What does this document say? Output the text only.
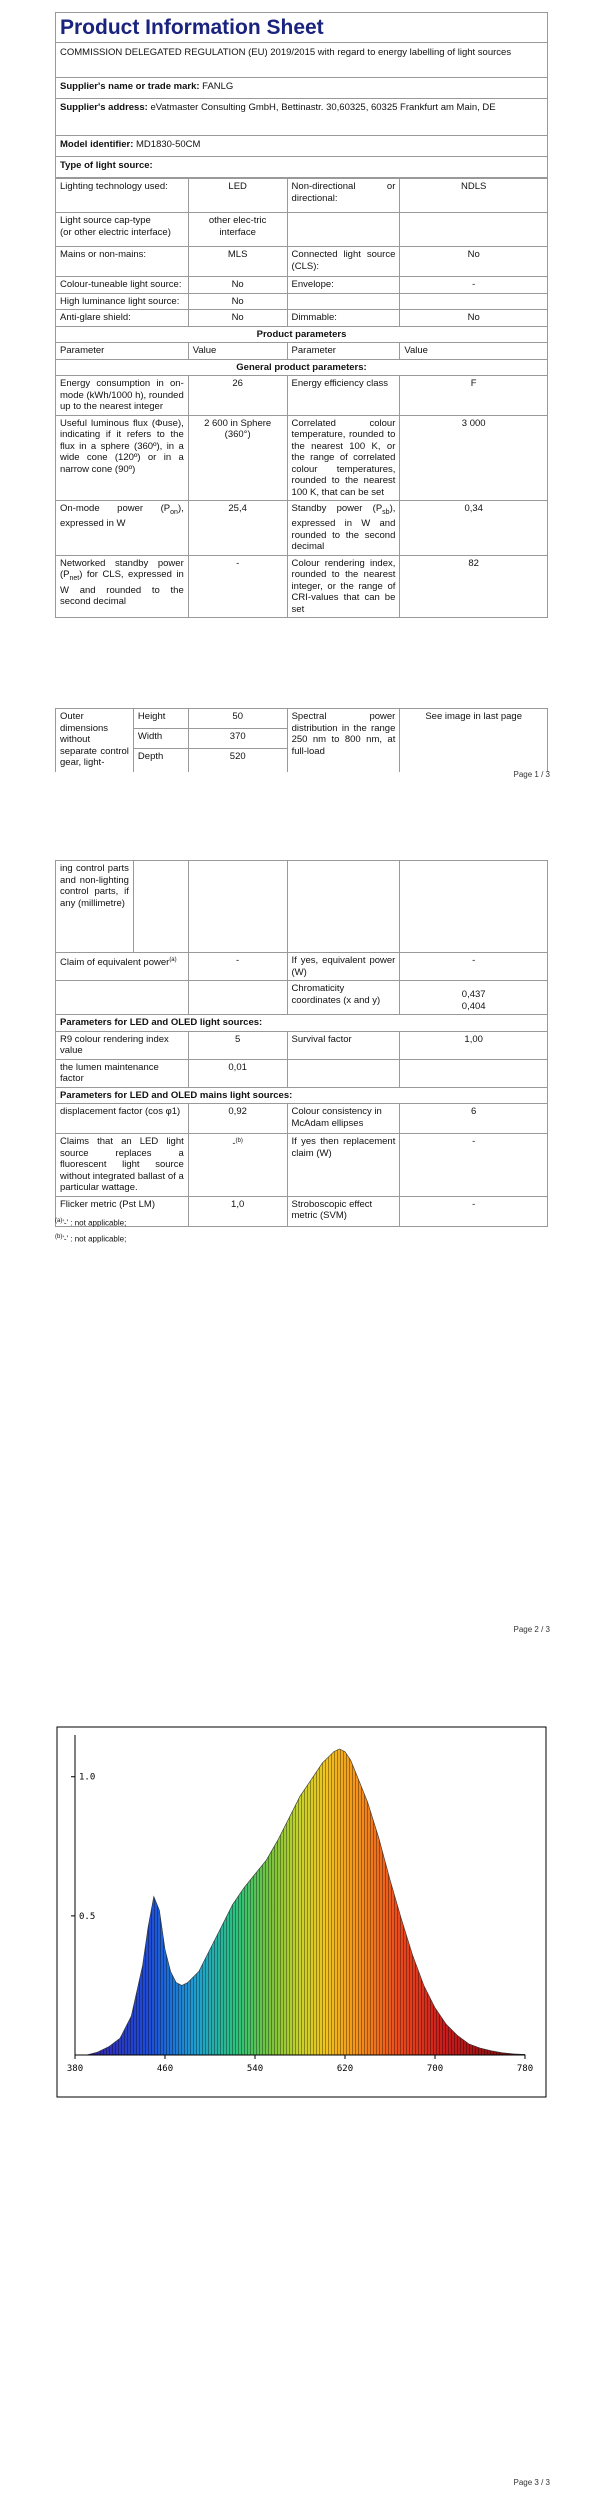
Product Information Sheet
COMMISSION DELEGATED REGULATION (EU) 2019/2015 with regard to energy labelling of light sources
Supplier's name or trade mark: FANLG
Supplier's address: eVatmaster Consulting GmbH, Bettinastr. 30,60325, 60325 Frankfurt am Main, DE
Model identifier: MD1830-50CM
Type of light source:
Lighting technology used:	LED	Non-directional or directional:	NDLS

Light source cap-type
(or other electric interface)	other elec-tric interface		
Mains or non-mains:	MLS	Connected light source (CLS):	No
Colour-tuneable light source:	No	Envelope:	-
High luminance light source:	No		
Anti-glare shield:	No	Dimmable:	No
Product parameters			
Parameter	Value	Parameter	Value
General product parameters:			
Energy consumption in on-mode (kWh/1000 h), rounded up to the nearest integer	26	Energy efficiency class	F
Useful luminous flux (Φuse), indicating if it refers to the flux in a sphere (360º), in a wide cone (120º) or in a narrow cone (90º)	2 600 in Sphere (360°)	Correlated colour temperature, rounded to the nearest 100 K, or the range of correlated colour temperatures, rounded to the nearest 100 K, that can be set	3 000
On-mode power $(P_{on})$, expressed in W	25,4	Standby power $(P_{sb})$, expressed in W and rounded to the second decimal	0,34
Networked standby power $(P_{net})$ for CLS, expressed in W and rounded to the second decimal	-	Colour rendering index, rounded to the nearest integer, or the range of CRI-values that can be set	82
Outer dimensions without separate control gear, light-	Height	50	Spectral power distribution in the range 250 nm to 800 nm, at full-load	See image in last page
	Width	370		
	Depth	520		
Page 1 / 3
ing control parts and non-lighting control parts, if any (millimetre)				
Claim of equivalent power$^{(a)}$		-	If yes, equivalent power (W)	-
			Chromaticity coordinates (x and y)	0,437
0,404

Parameters for LED and OLED light sources:				
R9 colour rendering index value		5	Survival factor	1,00
the lumen maintenance factor		0,01		
Parameters for LED and OLED mains light sources:				
displacement factor (cos φ1)		0,92	Colour consistency in McAdam ellipses	6
Claims that an LED light source replaces a fluorescent light source without integrated ballast of a particular wattage.		-$^{(b)}$	If yes then replacement claim (W)	-
Flicker metric (Pst LM)		1,0	Stroboscopic effect metric (SVM)	-
$^{(a)}$'-' : not applicable;
$^{(b)}$'-' : not applicable;
Page 2 / 3
380	460	540	620	700	780
1.0
0.5
Page 3 / 3
